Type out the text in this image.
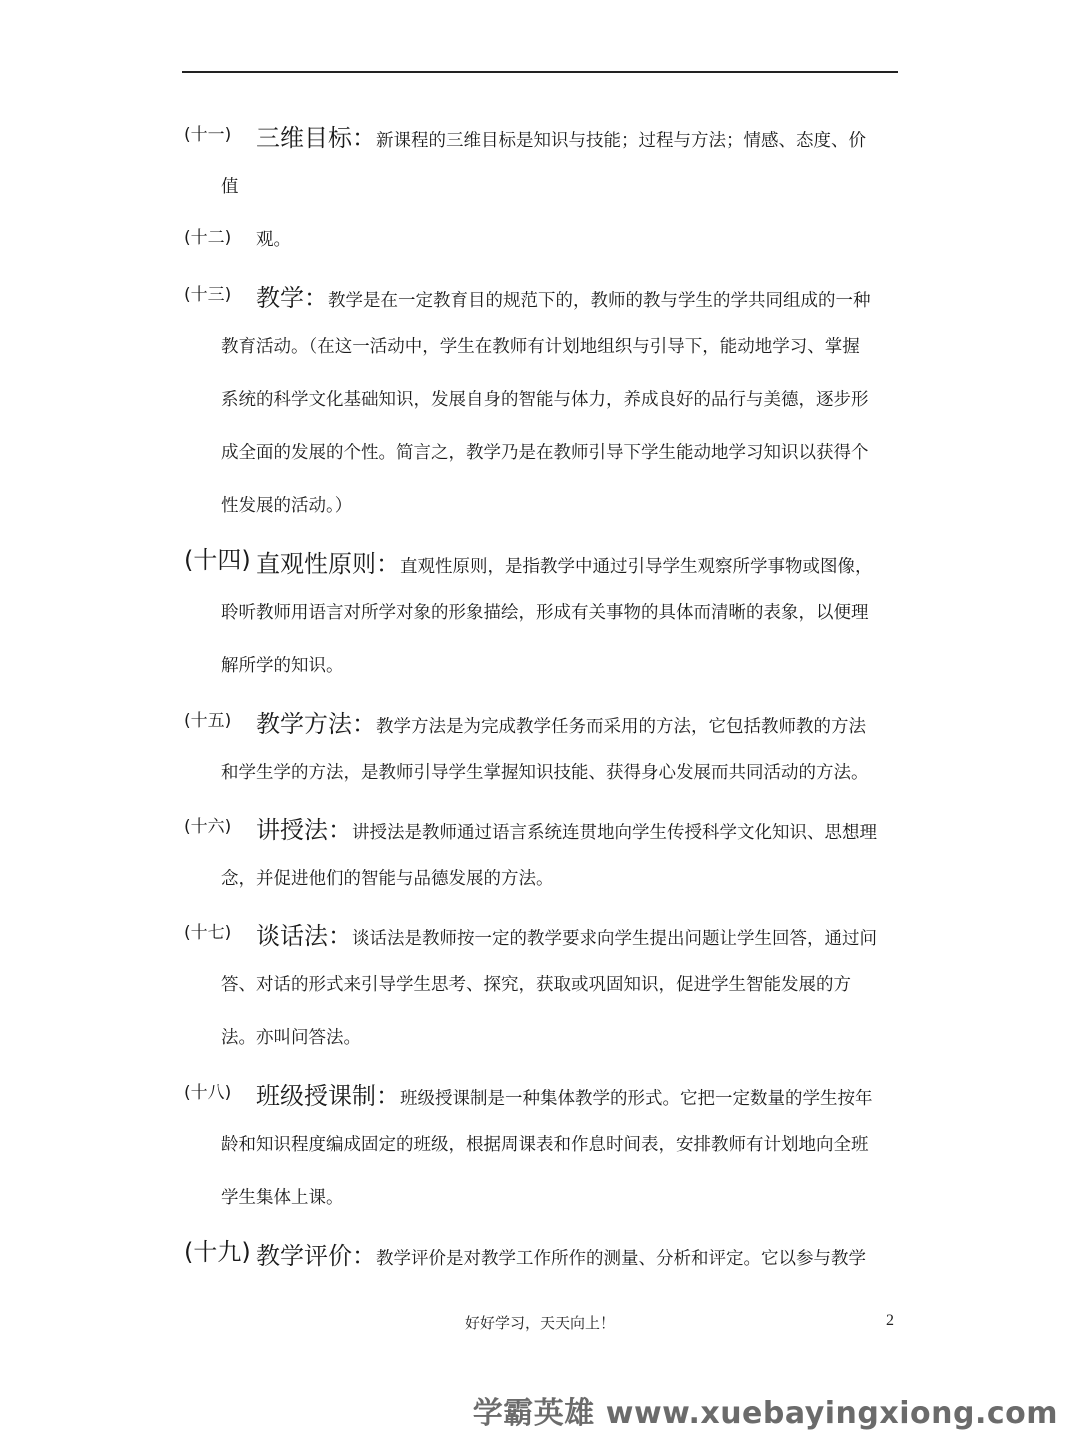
(十一) 三维目标：新课程的三维目标是知识与技能；过程与方法；情感、态度、价
值
(十二) 观。
(十三) 教学：教学是在一定教育目的规范下的，教师的教与学生的学共同组成的一种
教育活动。（在这一活动中，学生在教师有计划地组织与引导下，能动地学习、掌握
系统的科学文化基础知识，发展自身的智能与体力，养成良好的品行与美德，逐步形
成全面的发展的个性。简言之，教学乃是在教师引导下学生能动地学习知识以获得个
性发展的活动。）
(十四) 直观性原则：直观性原则，是指教学中通过引导学生观察所学事物或图像，
聆听教师用语言对所学对象的形象描绘，形成有关事物的具体而清晰的表象，以便理
解所学的知识。
(十五) 教学方法：教学方法是为完成教学任务而采用的方法，它包括教师教的方法
和学生学的方法，是教师引导学生掌握知识技能、获得身心发展而共同活动的方法。
(十六) 讲授法：讲授法是教师通过语言系统连贯地向学生传授科学文化知识、思想理
念，并促进他们的智能与品德发展的方法。
(十七) 谈话法：谈话法是教师按一定的教学要求向学生提出问题让学生回答，通过问
答、对话的形式来引导学生思考、探究，获取或巩固知识，促进学生智能发展的方
法。亦叫问答法。
(十八) 班级授课制：班级授课制是一种集体教学的形式。它把一定数量的学生按年
龄和知识程度编成固定的班级，根据周课表和作息时间表，安排教师有计划地向全班
学生集体上课。
(十九) 教学评价：教学评价是对教学工作所作的测量、分析和评定。它以参与教学
好好学习，天天向上！	2
学霸英雄 www.xuebayingxiong.com
